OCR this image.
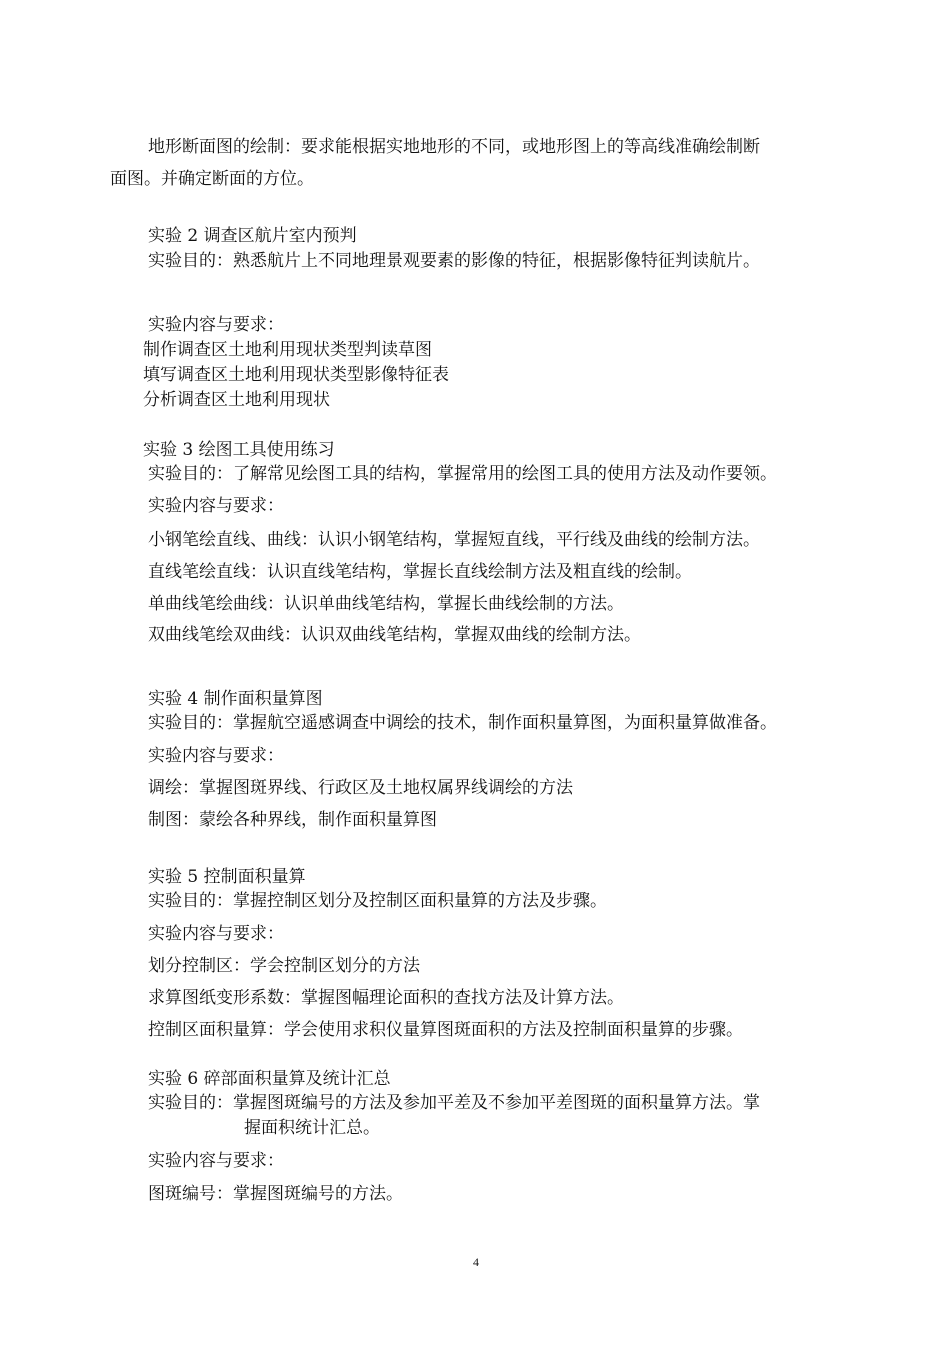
地形断面图的绘制：要求能根据实地地形的不同，或地形图上的等高线准确绘制断
面图。并确定断面的方位。
实验 2 调查区航片室内预判
实验目的：熟悉航片上不同地理景观要素的影像的特征，根据影像特征判读航片。
实验内容与要求：
制作调查区土地利用现状类型判读草图
填写调查区土地利用现状类型影像特征表
分析调查区土地利用现状
实验 3 绘图工具使用练习
实验目的：了解常见绘图工具的结构，掌握常用的绘图工具的使用方法及动作要领。
实验内容与要求：
小钢笔绘直线、曲线：认识小钢笔结构，掌握短直线，平行线及曲线的绘制方法。
直线笔绘直线：认识直线笔结构，掌握长直线绘制方法及粗直线的绘制。
单曲线笔绘曲线：认识单曲线笔结构，掌握长曲线绘制的方法。
双曲线笔绘双曲线：认识双曲线笔结构，掌握双曲线的绘制方法。
实验 4 制作面积量算图
实验目的：掌握航空遥感调查中调绘的技术，制作面积量算图，为面积量算做准备。
实验内容与要求：
调绘：掌握图斑界线、行政区及土地权属界线调绘的方法
制图：蒙绘各种界线，制作面积量算图
实验 5 控制面积量算
实验目的：掌握控制区划分及控制区面积量算的方法及步骤。
实验内容与要求：
划分控制区：学会控制区划分的方法
求算图纸变形系数：掌握图幅理论面积的查找方法及计算方法。
控制区面积量算：学会使用求积仪量算图斑面积的方法及控制面积量算的步骤。
实验 6 碎部面积量算及统计汇总
实验目的：掌握图斑编号的方法及参加平差及不参加平差图斑的面积量算方法。掌
握面积统计汇总。
实验内容与要求：
图斑编号：掌握图斑编号的方法。
4
